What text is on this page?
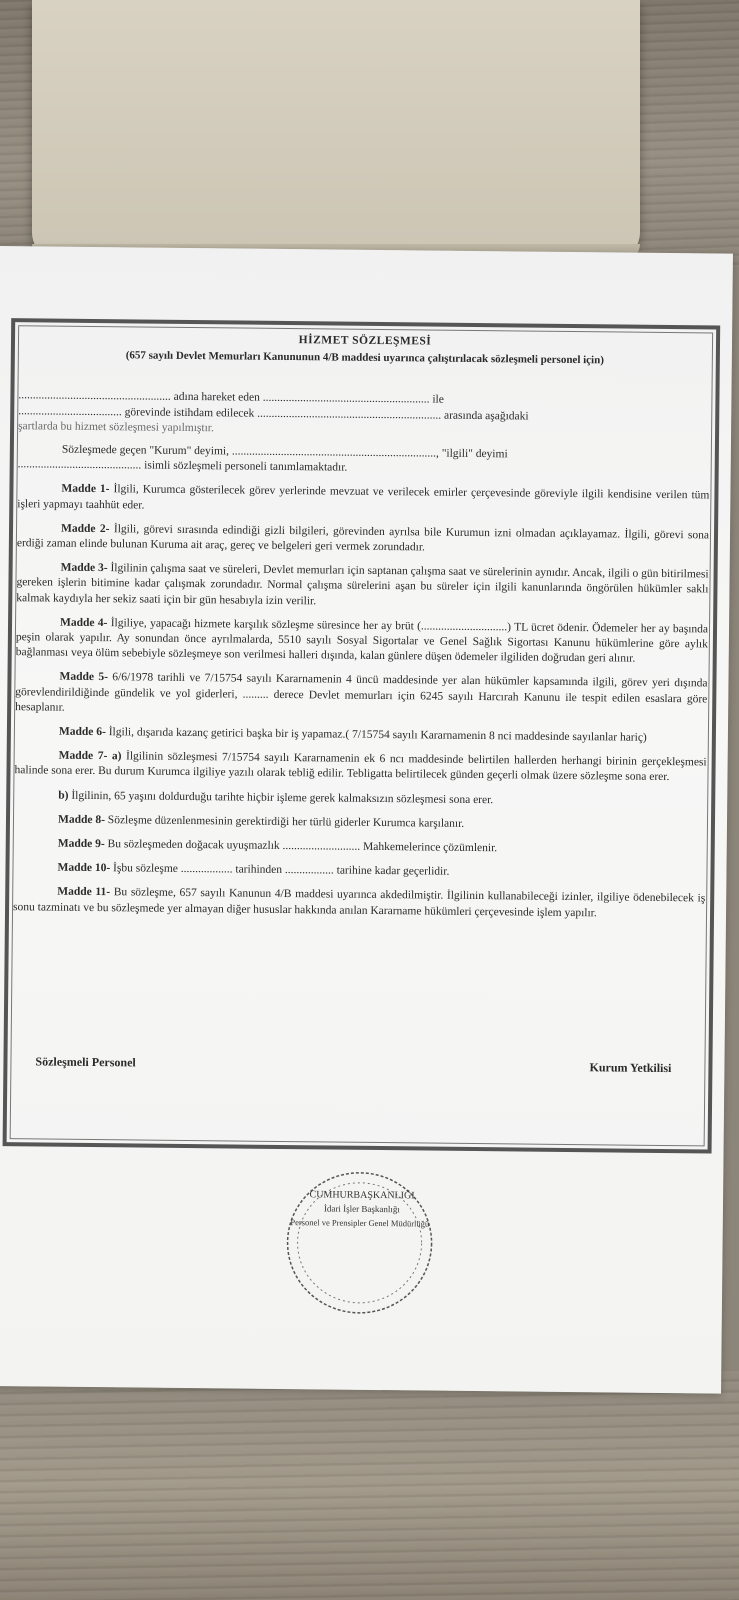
HİZMET SÖZLEŞMESİ
(657 sayılı Devlet Memurları Kanununun 4/B maddesi uyarınca çalıştırılacak sözleşmeli personel için)
..................................................... adına hareket eden .......................................................... ile
.................................... görevinde istihdam edilecek ................................................................ arasında aşağıdaki
şartlarda bu hizmet sözleşmesi yapılmıştır.
Sözleşmede geçen "Kurum" deyimi, ......................................................................., "ilgili" deyimi
........................................... isimli sözleşmeli personeli tanımlamaktadır.
Madde 1- İlgili, Kurumca gösterilecek görev yerlerinde mevzuat ve verilecek emirler çerçevesinde göreviyle ilgili kendisine verilen tüm işleri yapmayı taahhüt eder.
Madde 2- İlgili, görevi sırasında edindiği gizli bilgileri, görevinden ayrılsa bile Kurumun izni olmadan açıklayamaz. İlgili, görevi sona erdiği zaman elinde bulunan Kuruma ait araç, gereç ve belgeleri geri vermek zorundadır.
Madde 3- İlgilinin çalışma saat ve süreleri, Devlet memurları için saptanan çalışma saat ve sürelerinin aynıdır. Ancak, ilgili o gün bitirilmesi gereken işlerin bitimine kadar çalışmak zorundadır. Normal çalışma sürelerini aşan bu süreler için ilgili kanunlarında öngörülen hükümler saklı kalmak kaydıyla her sekiz saati için bir gün hesabıyla izin verilir.
Madde 4- İlgiliye, yapacağı hizmete karşılık sözleşme süresince her ay brüt (..............................) TL ücret ödenir. Ödemeler her ay başında peşin olarak yapılır. Ay sonundan önce ayrılmalarda, 5510 sayılı Sosyal Sigortalar ve Genel Sağlık Sigortası Kanunu hükümlerine göre aylık bağlanması veya ölüm sebebiyle sözleşmeye son verilmesi halleri dışında, kalan günlere düşen ödemeler ilgiliden doğrudan geri alınır.
Madde 5- 6/6/1978 tarihli ve 7/15754 sayılı Kararnamenin 4 üncü maddesinde yer alan hükümler kapsamında ilgili, görev yeri dışında görevlendirildiğinde gündelik ve yol giderleri, ......... derece Devlet memurları için 6245 sayılı Harcırah Kanunu ile tespit edilen esaslara göre hesaplanır.
Madde 6- İlgili, dışarıda kazanç getirici başka bir iş yapamaz.( 7/15754 sayılı Kararnamenin 8 nci maddesinde sayılanlar hariç)
Madde 7- a) İlgilinin sözleşmesi 7/15754 sayılı Kararnamenin ek 6 ncı maddesinde belirtilen hallerden herhangi birinin gerçekleşmesi halinde sona erer. Bu durum Kurumca ilgiliye yazılı olarak tebliğ edilir. Tebligatta belirtilecek günden geçerli olmak üzere sözleşme sona erer.
b) İlgilinin, 65 yaşını doldurduğu tarihte hiçbir işleme gerek kalmaksızın sözleşmesi sona erer.
Madde 8- Sözleşme düzenlenmesinin gerektirdiği her türlü giderler Kurumca karşılanır.
Madde 9- Bu sözleşmeden doğacak uyuşmazlık ........................... Mahkemelerince çözümlenir.
Madde 10- İşbu sözleşme .................. tarihinden ................. tarihine kadar geçerlidir.
Madde 11- Bu sözleşme, 657 sayılı Kanunun 4/B maddesi uyarınca akdedilmiştir. İlgilinin kullanabileceği izinler, ilgiliye ödenebilecek iş sonu tazminatı ve bu sözleşmede yer almayan diğer hususlar hakkında anılan Kararname hükümleri çerçevesinde işlem yapılır.
Sözleşmeli Personel	Kurum Yetkilisi
CUMHURBAŞKANLIĞI
İdari İşler Başkanlığı
Personel ve Prensipler Genel Müdürlüğü
